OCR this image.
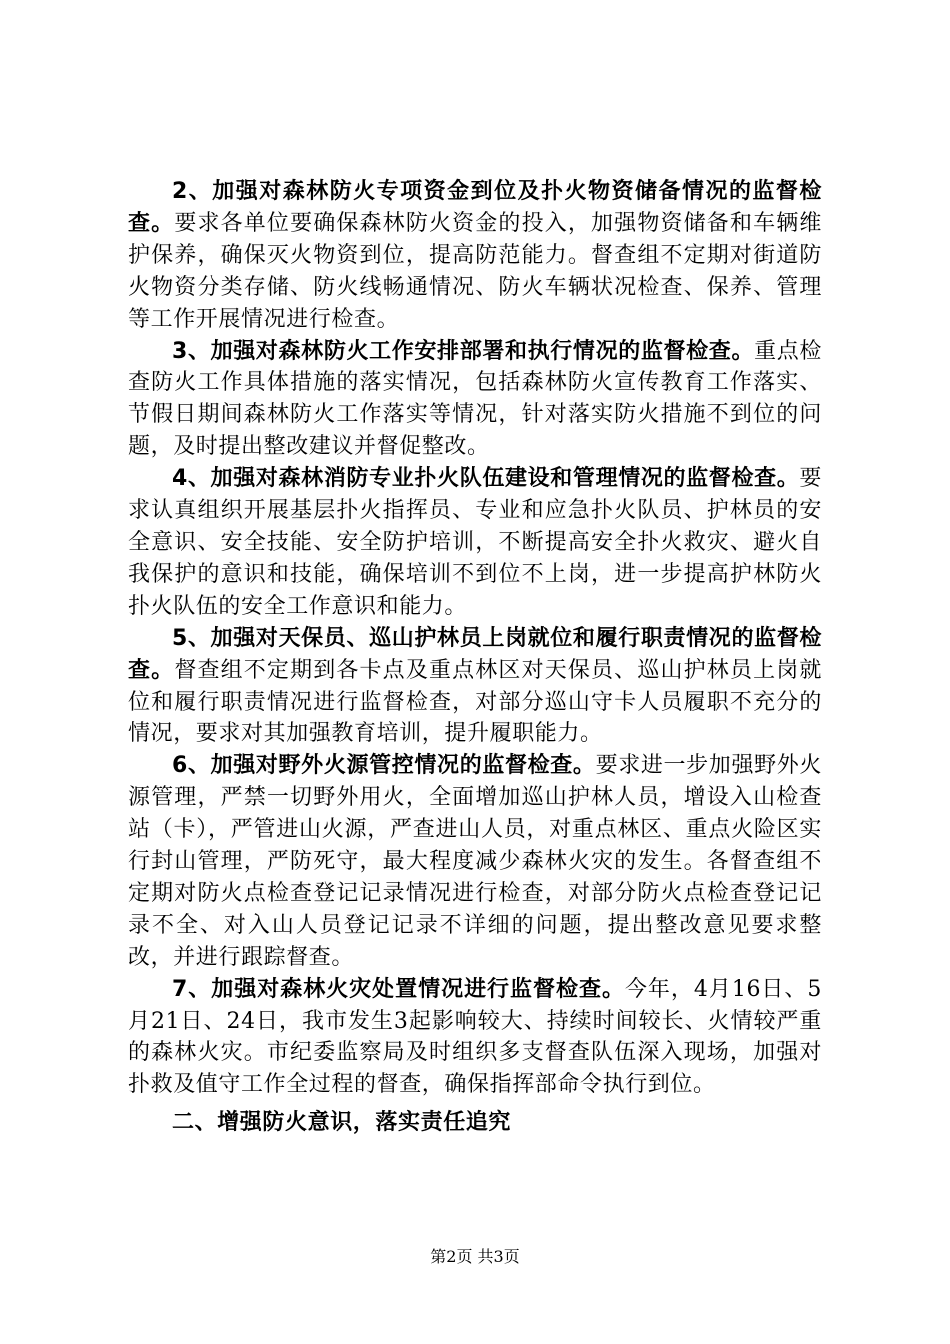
2、加强对森林防火专项资金到位及扑火物资储备情况的监督检查。要求各单位要确保森林防火资金的投入，加强物资储备和车辆维护保养，确保灭火物资到位，提高防范能力。督查组不定期对街道防火物资分类存储、防火线畅通情况、防火车辆状况检查、保养、管理等工作开展情况进行检查。

3、加强对森林防火工作安排部署和执行情况的监督检查。重点检查防火工作具体措施的落实情况，包括森林防火宣传教育工作落实、节假日期间森林防火工作落实等情况，针对落实防火措施不到位的问题，及时提出整改建议并督促整改。

4、加强对森林消防专业扑火队伍建设和管理情况的监督检查。要求认真组织开展基层扑火指挥员、专业和应急扑火队员、护林员的安全意识、安全技能、安全防护培训，不断提高安全扑火救灾、避火自我保护的意识和技能，确保培训不到位不上岗，进一步提高护林防火扑火队伍的安全工作意识和能力。

5、加强对天保员、巡山护林员上岗就位和履行职责情况的监督检查。督查组不定期到各卡点及重点林区对天保员、巡山护林员上岗就位和履行职责情况进行监督检查，对部分巡山守卡人员履职不充分的情况，要求对其加强教育培训，提升履职能力。

6、加强对野外火源管控情况的监督检查。要求进一步加强野外火源管理，严禁一切野外用火，全面增加巡山护林人员，增设入山检查站（卡），严管进山火源，严查进山人员，对重点林区、重点火险区实行封山管理，严防死守，最大程度减少森林火灾的发生。各督查组不定期对防火点检查登记记录情况进行检查，对部分防火点检查登记记录不全、对入山人员登记记录不详细的问题，提出整改意见要求整改，并进行跟踪督查。

7、加强对森林火灾处置情况进行监督检查。今年，4月16日、5月21日、24日，我市发生3起影响较大、持续时间较长、火情较严重的森林火灾。市纪委监察局及时组织多支督查队伍深入现场，加强对扑救及值守工作全过程的督查，确保指挥部命令执行到位。

二、增强防火意识，落实责任追究

第2页 共3页
